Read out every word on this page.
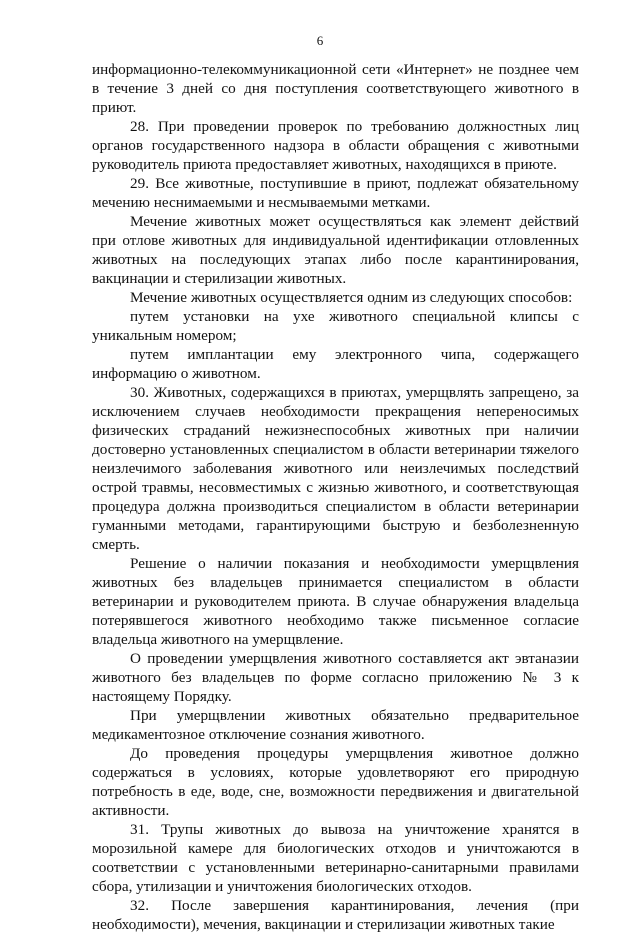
6

информационно-телекоммуникационной сети «Интернет» не позднее чем в течение 3 дней со дня поступления соответствующего животного в приют.

28. При проведении проверок по требованию должностных лиц органов государственного надзора в области обращения с животными руководитель приюта предоставляет животных, находящихся в приюте.

29. Все животные, поступившие в приют, подлежат обязательному мечению неснимаемыми и несмываемыми метками.

Мечение животных может осуществляться как элемент действий при отлове животных для индивидуальной идентификации отловленных животных на последующих этапах либо после карантинирования, вакцинации и стерилизации животных.

Мечение животных осуществляется одним из следующих способов:

путем установки на ухе животного специальной клипсы с уникальным номером;

путем имплантации ему электронного чипа, содержащего информацию о животном.

30. Животных, содержащихся в приютах, умерщвлять запрещено, за исключением случаев необходимости прекращения непереносимых физических страданий нежизнеспособных животных при наличии достоверно установленных специалистом в области ветеринарии тяжелого неизлечимого заболевания животного или неизлечимых последствий острой травмы, несовместимых с жизнью животного, и соответствующая процедура должна производиться специалистом в области ветеринарии гуманными методами, гарантирующими быструю и безболезненную смерть.

Решение о наличии показания и необходимости умерщвления животных без владельцев принимается специалистом в области ветеринарии и руководителем приюта. В случае обнаружения владельца потерявшегося животного необходимо также письменное согласие владельца животного на умерщвление.

О проведении умерщвления животного составляется акт эвтаназии животного без владельцев по форме согласно приложению № 3 к настоящему Порядку.

При умерщвлении животных обязательно предварительное медикаментозное отключение сознания животного.

До проведения процедуры умерщвления животное должно содержаться в условиях, которые удовлетворяют его природную потребность в еде, воде, сне, возможности передвижения и двигательной активности.

31. Трупы животных до вывоза на уничтожение хранятся в морозильной камере для биологических отходов и уничтожаются в соответствии с установленными ветеринарно-санитарными правилами сбора, утилизации и уничтожения биологических отходов.

32. После завершения карантинирования, лечения (при необходимости), мечения, вакцинации и стерилизации животных такие
